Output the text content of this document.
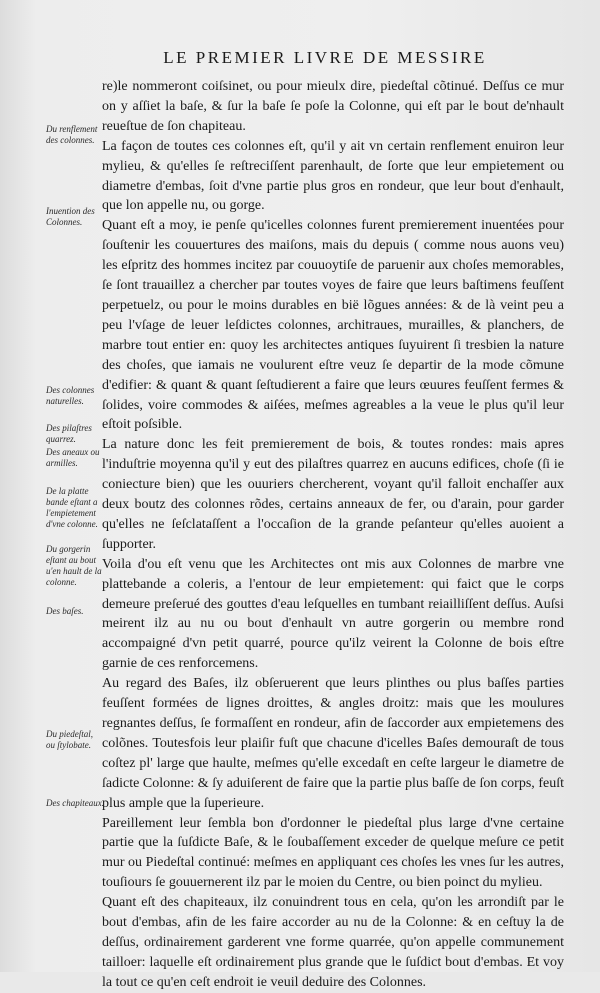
LE PREMIER LIVRE DE MESSIRE
Du renflement des colonnes.
Inuention des Colonnes.
Des colonnes naturelles.
Des pilaſtres quarrez.
Des aneaux ou armilles.
De la platte bande eſtant a l'empietement d'vne colonne.
Du gorgerin eſtant au bout u'en hault de la colonne.
Des baſes.
Du piedeſtal, ou ſtylobate.
Des chapiteaux.

re)le nommeront coiſsinet, ou pour mieulx dire, piedeſtal cõtinué. Deſſus ce mur on y aſſiet la baſe, & ſur la baſe ſe poſe la Colonne, qui eſt par le bout de'nhault reueſtue de ſon chapiteau.

La façon de toutes ces colonnes eſt, qu'il y ait vn certain renflement enuiron leur mylieu, & qu'elles ſe reſtreciſſent parenhault, de ſorte que leur empietement ou diametre d'embas, ſoit d'vne partie plus gros en rondeur, que leur bout d'enhault, que lon appelle nu, ou gorge.

Quant eſt a moy, ie penſe qu'icelles colonnes furent premierement inuentées pour ſouſtenir les couuertures des maiſons, mais du depuis ( comme nous auons veu) les eſpritz des hommes incitez par couuoytiſe de paruenir aux choſes memorables, ſe ſont trauaillez a chercher par toutes voyes de faire que leurs baſtimens feuſſent perpetuelz, ou pour le moins durables en bië lõgues années: & de là veint peu a peu l'vſage de leuer leſdictes colonnes, architraues, murailles, & planchers, de marbre tout entier en: quoy les architectes antiques ſuyuirent ſi tresbien la nature des choſes, que iamais ne voulurent eſtre veuz ſe departir de la mode cõmune d'edifier: & quant & quant ſeſtudierent a faire que leurs œuures feuſſent fermes & ſolides, voire commodes & aiſées, meſmes agreables a la veue le plus qu'il leur eſtoit poſsible.

La nature donc les feit premierement de bois, & toutes rondes: mais apres l'induſtrie moyenna qu'il y eut des pilaſtres quarrez en aucuns edifices, choſe (ſi ie coniecture bien) que les ouuriers chercherent, voyant qu'il falloit enchaſſer aux deux boutz des colonnes rõdes, certains anneaux de fer, ou d'arain, pour garder qu'elles ne ſeſclataſſent a l'occaſion de la grande peſanteur qu'elles auoient a ſupporter.

Voila d'ou eſt venu que les Architectes ont mis aux Colonnes de marbre vne plattebande a coleris, a l'entour de leur empietement: qui faict que le corps demeure preſerué des gouttes d'eau leſquelles en tumbant reiailliſſent deſſus. Auſsi meirent ilz au nu ou bout d'enhault vn autre gorgerin ou membre rond accompaigné d'vn petit quarré, pource qu'ilz veirent la Colonne de bois eſtre garnie de ces renforcemens.

Au regard des Baſes, ilz obſeruerent que leurs plinthes ou plus baſſes parties feuſſent formées de lignes droittes, & angles droitz: mais que les moulures regnantes deſſus, ſe formaſſent en rondeur, afin de ſaccorder aux empietemens des colõnes. Toutesfois leur plaiſir fuſt que chacune d'icelles Baſes demouraſt de tous coſtez pl' large que haulte, meſmes qu'elle excedaſt en ceſte largeur le diametre de ſadicte Colonne: & ſy aduiſerent de faire que la partie plus baſſe de ſon corps, feuſt plus ample que la ſuperieure.

Pareillement leur ſembla bon d'ordonner le piedeſtal plus large d'vne certaine partie que la ſuſdicte Baſe, & le ſoubaſſement exceder de quelque meſure ce petit mur ou Piedeſtal continué: meſmes en appliquant ces choſes les vnes ſur les autres, touſiours ſe gouuernerent ilz par le moien du Centre, ou bien poinct du mylieu.

Quant eſt des chapiteaux, ilz conuindrent tous en cela, qu'on les arrondiſt par le bout d'embas, afin de les faire accorder au nu de la Colonne: & en ceſtuy la de deſſus, ordinairement garderent vne forme quarrée, qu'on appelle communement tailloer: laquelle eſt ordinairement plus grande que le ſuſdict bout d'embas. Et voy la tout ce qu'en ceſt endroit ie veuil deduire des Colonnes.
